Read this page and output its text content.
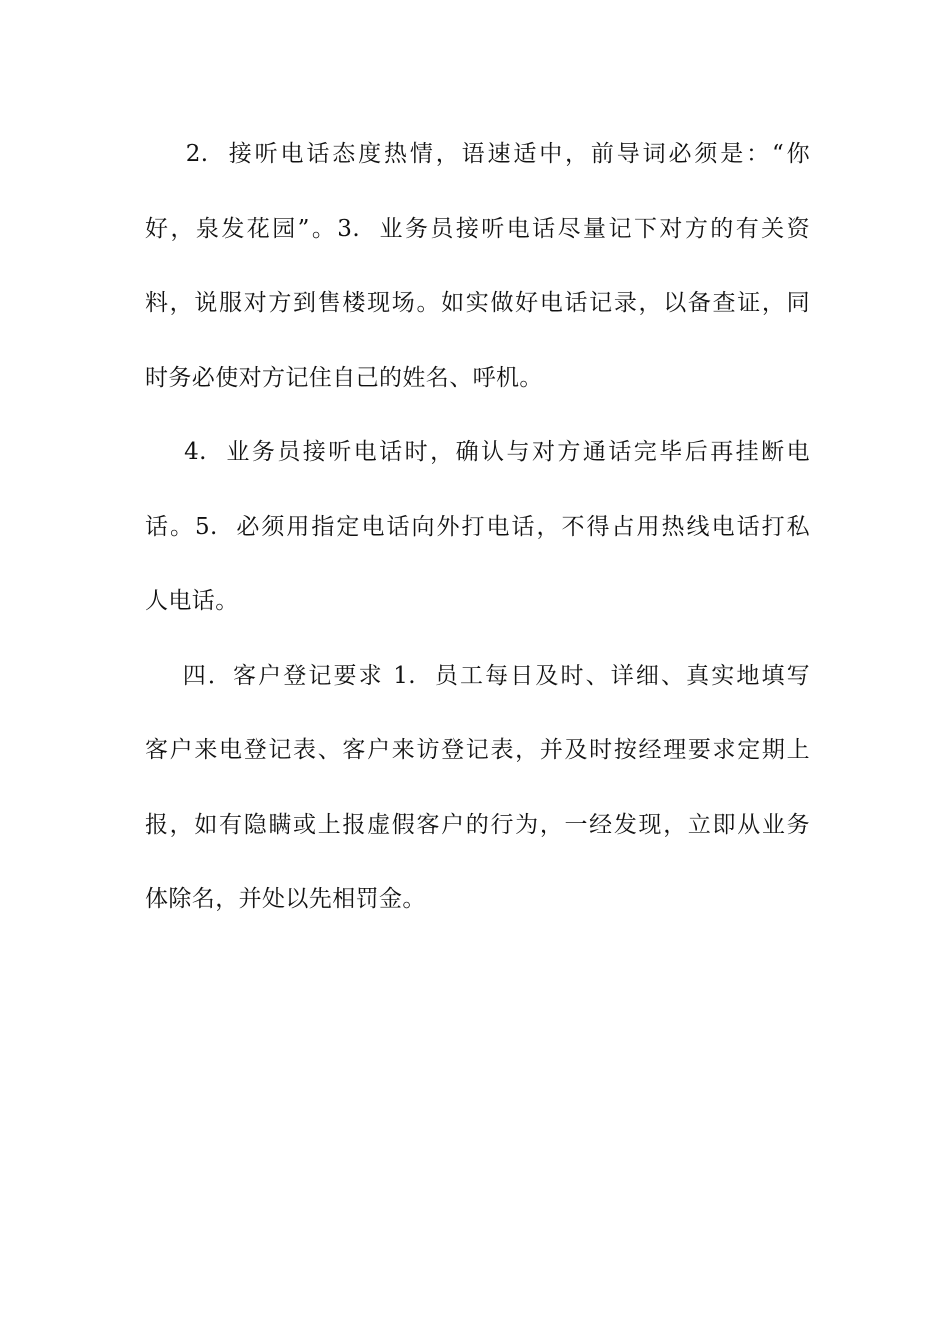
2.  接听电话态度热情，语速适中，前导词必须是：“你
好，泉发花园”。3.  业务员接听电话尽量记下对方的有关资
料，说服对方到售楼现场。如实做好电话记录，以备查证，同
时务必使对方记住自己的姓名、呼机。
4.  业务员接听电话时，确认与对方通话完毕后再挂断电
话。5.  必须用指定电话向外打电话，不得占用热线电话打私
人电话。
四．客户登记要求 1.  员工每日及时、详细、真实地填写
客户来电登记表、客户来访登记表，并及时按经理要求定期上
报，如有隐瞒或上报虚假客户的行为，一经发现，立即从业务
体除名，并处以先相罚金。
